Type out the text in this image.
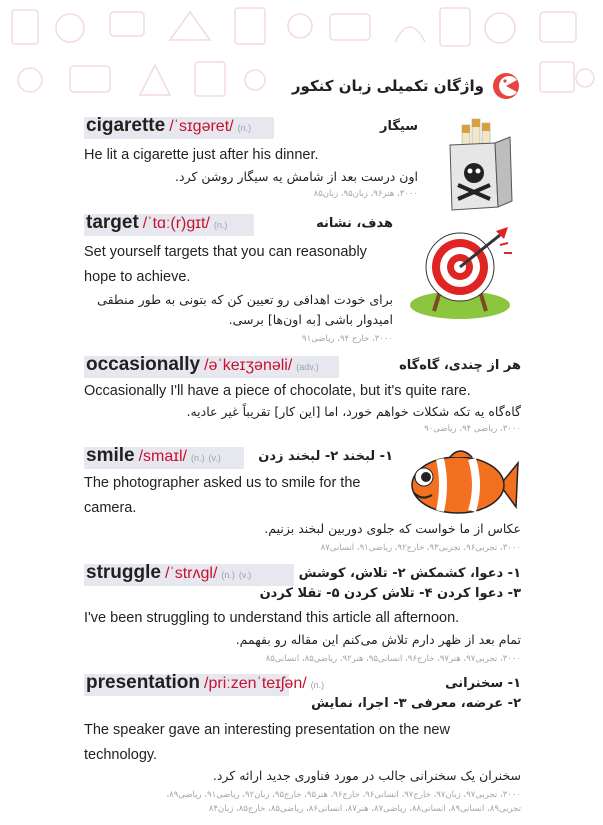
واژگان تکمیلی زبان کنکور
cigarette /ˈsɪɡəret/ (n.)	سیگار
He lit a cigarette just after his dinner.
اون درست بعد از شامش یه سیگار روشن کرد.
۳۰۰۰، هنر۹۶، زبان۹۵، زبان۸۵
target /ˈtɑː(r)ɡɪt/ (n.)	هدف، نشانه
Set yourself targets that you can reasonably hope to achieve.
برای خودت اهدافی رو تعیین کن که بتونی به طور منطقی امیدوار باشی [به اون‌ها] برسی.
۳۰۰۰، خارج ۹۴، ریاضی۹۱
occasionally /əˈkeɪʒənəli/ (adv.)	هر از چندی، گاه‌گاه
Occasionally I'll have a piece of chocolate, but it's quite rare.
گاه‌گاه یه تکه شکلات خواهم خورد، اما [این کار] تقریباً غیر عادیه.
۳۰۰۰، ریاضی ۹۴، ریاضی۹۰
smile /smaɪl/ (n.) (v.)	۱- لبخند ۲- لبخند زدن
The photographer asked us to smile for the camera.
عکاس از ما خواست که جلوی دوربین لبخند بزنیم.
۳۰۰۰، تجربی۹۶، تجربی۹۳، خارج۹۲، ریاضی۹۱، انسانی۸۷
struggle /ˈstrʌɡl/ (n.) (v.)	۱- دعوا، کشمکش ۲- تلاش، کوشش
۳- دعوا کردن ۴- تلاش کردن ۵- تقلا کردن
I've been struggling to understand this article all afternoon.
تمام بعد از ظهر دارم تلاش می‌کنم این مقاله رو بفهمم.
۳۰۰۰، تجربی۹۷، هنر۹۷، خارج۹۶، انسانی۹۵، هنر۹۲، ریاضی۸۵، انسانی۸۵
presentation /priːzenˈteɪʃən/ (n.)	۱- سخنرانی
۲- عرضه، معرفی ۳- اجرا، نمایش
The speaker gave an interesting presentation on the new technology.
سخنران یک سخنرانی جالب در مورد فناوری جدید ارائه کرد.
۳۰۰۰، تجربی۹۷، زبان۹۷، خارج۹۷، انسانی۹۶، خارج۹۶، هنر۹۵، خارج۹۵، زبان۹۲، ریاضی۹۱، ریاضی۸۹،
تجربی۸۹، انسانی۸۹، انسانی۸۸، ریاضی۸۷، هنر۸۷، انسانی۸۶، ریاضی۸۵، خارج۸۵، زبان۸۴
